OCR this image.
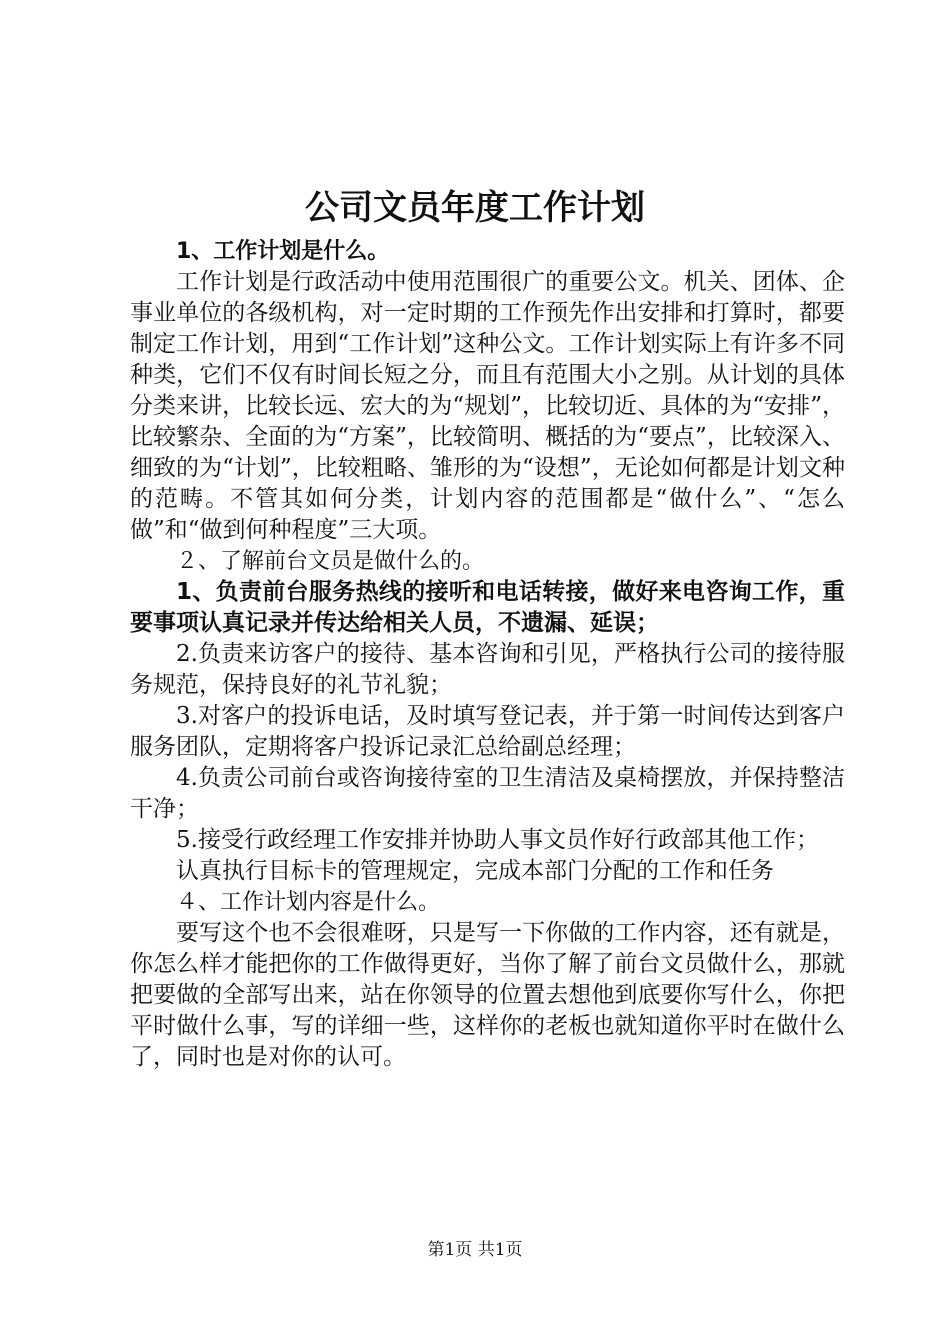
公司文员年度工作计划

1、工作计划是什么。

工作计划是行政活动中使用范围很广的重要公文。机关、团体、企事业单位的各级机构，对一定时期的工作预先作出安排和打算时，都要制定工作计划，用到“工作计划”这种公文。工作计划实际上有许多不同种类，它们不仅有时间长短之分，而且有范围大小之别。从计划的具体分类来讲，比较长远、宏大的为“规划”，比较切近、具体的为“安排”，比较繁杂、全面的为“方案”，比较简明、概括的为“要点”，比较深入、细致的为“计划”，比较粗略、雏形的为“设想”，无论如何都是计划文种的范畴。不管其如何分类，计划内容的范围都是“做什么”、“怎么做”和“做到何种程度”三大项。

２、了解前台文员是做什么的。

1、负责前台服务热线的接听和电话转接，做好来电咨询工作，重要事项认真记录并传达给相关人员，不遗漏、延误；

2.负责来访客户的接待、基本咨询和引见，严格执行公司的接待服务规范，保持良好的礼节礼貌；

3.对客户的投诉电话，及时填写登记表，并于第一时间传达到客户服务团队，定期将客户投诉记录汇总给副总经理；

4.负责公司前台或咨询接待室的卫生清洁及桌椅摆放，并保持整洁干净；

5.接受行政经理工作安排并协助人事文员作好行政部其他工作；

认真执行目标卡的管理规定，完成本部门分配的工作和任务

４、工作计划内容是什么。

要写这个也不会很难呀，只是写一下你做的工作内容，还有就是，你怎么样才能把你的工作做得更好，当你了解了前台文员做什么，那就把要做的全部写出来，站在你领导的位置去想他到底要你写什么，你把平时做什么事，写的详细一些，这样你的老板也就知道你平时在做什么了，同时也是对你的认可。

第1页 共1页
